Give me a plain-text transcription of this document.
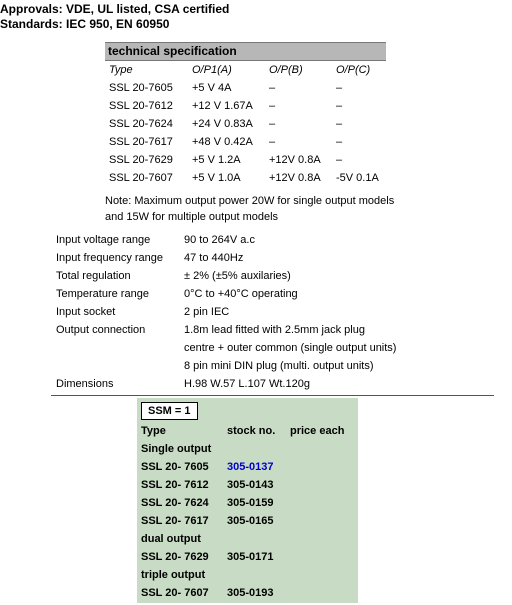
Approvals: VDE, UL listed, CSA certified
Standards: IEC 950, EN 60950
technical specification
Type	O/P1(A)	O/P(B)	O/P(C)
SSL 20-7605	+5 V 4A	–	–
SSL 20-7612	+12 V 1.67A	–	–
SSL 20-7624	+24 V 0.83A	–	–
SSL 20-7617	+48 V 0.42A	–	–
SSL 20-7629	+5 V 1.2A	+12V 0.8A	–
SSL 20-7607	+5 V 1.0A	+12V 0.8A	-5V 0.1A
Note: Maximum output power 20W for single output models and 15W for multiple output models
Input voltage range	90 to 264V a.c
Input frequency range	47 to 440Hz
Total regulation	± 2% (±5% auxilaries)
Temperature range	0°C to +40°C operating
Input socket	2 pin IEC
Output connection	1.8m lead fitted with 2.5mm jack plug
centre + outer common (single output units)
8 pin mini DIN plug (multi. output units)
Dimensions	H.98 W.57 L.107 Wt.120g
SSM = 1
Type	stock no.	price each
Single output		
SSL 20- 7605	305-0137	
SSL 20- 7612	305-0143	
SSL 20- 7624	305-0159	
SSL 20- 7617	305-0165	
dual output		
SSL 20- 7629	305-0171	
triple output		
SSL 20- 7607	305-0193	
